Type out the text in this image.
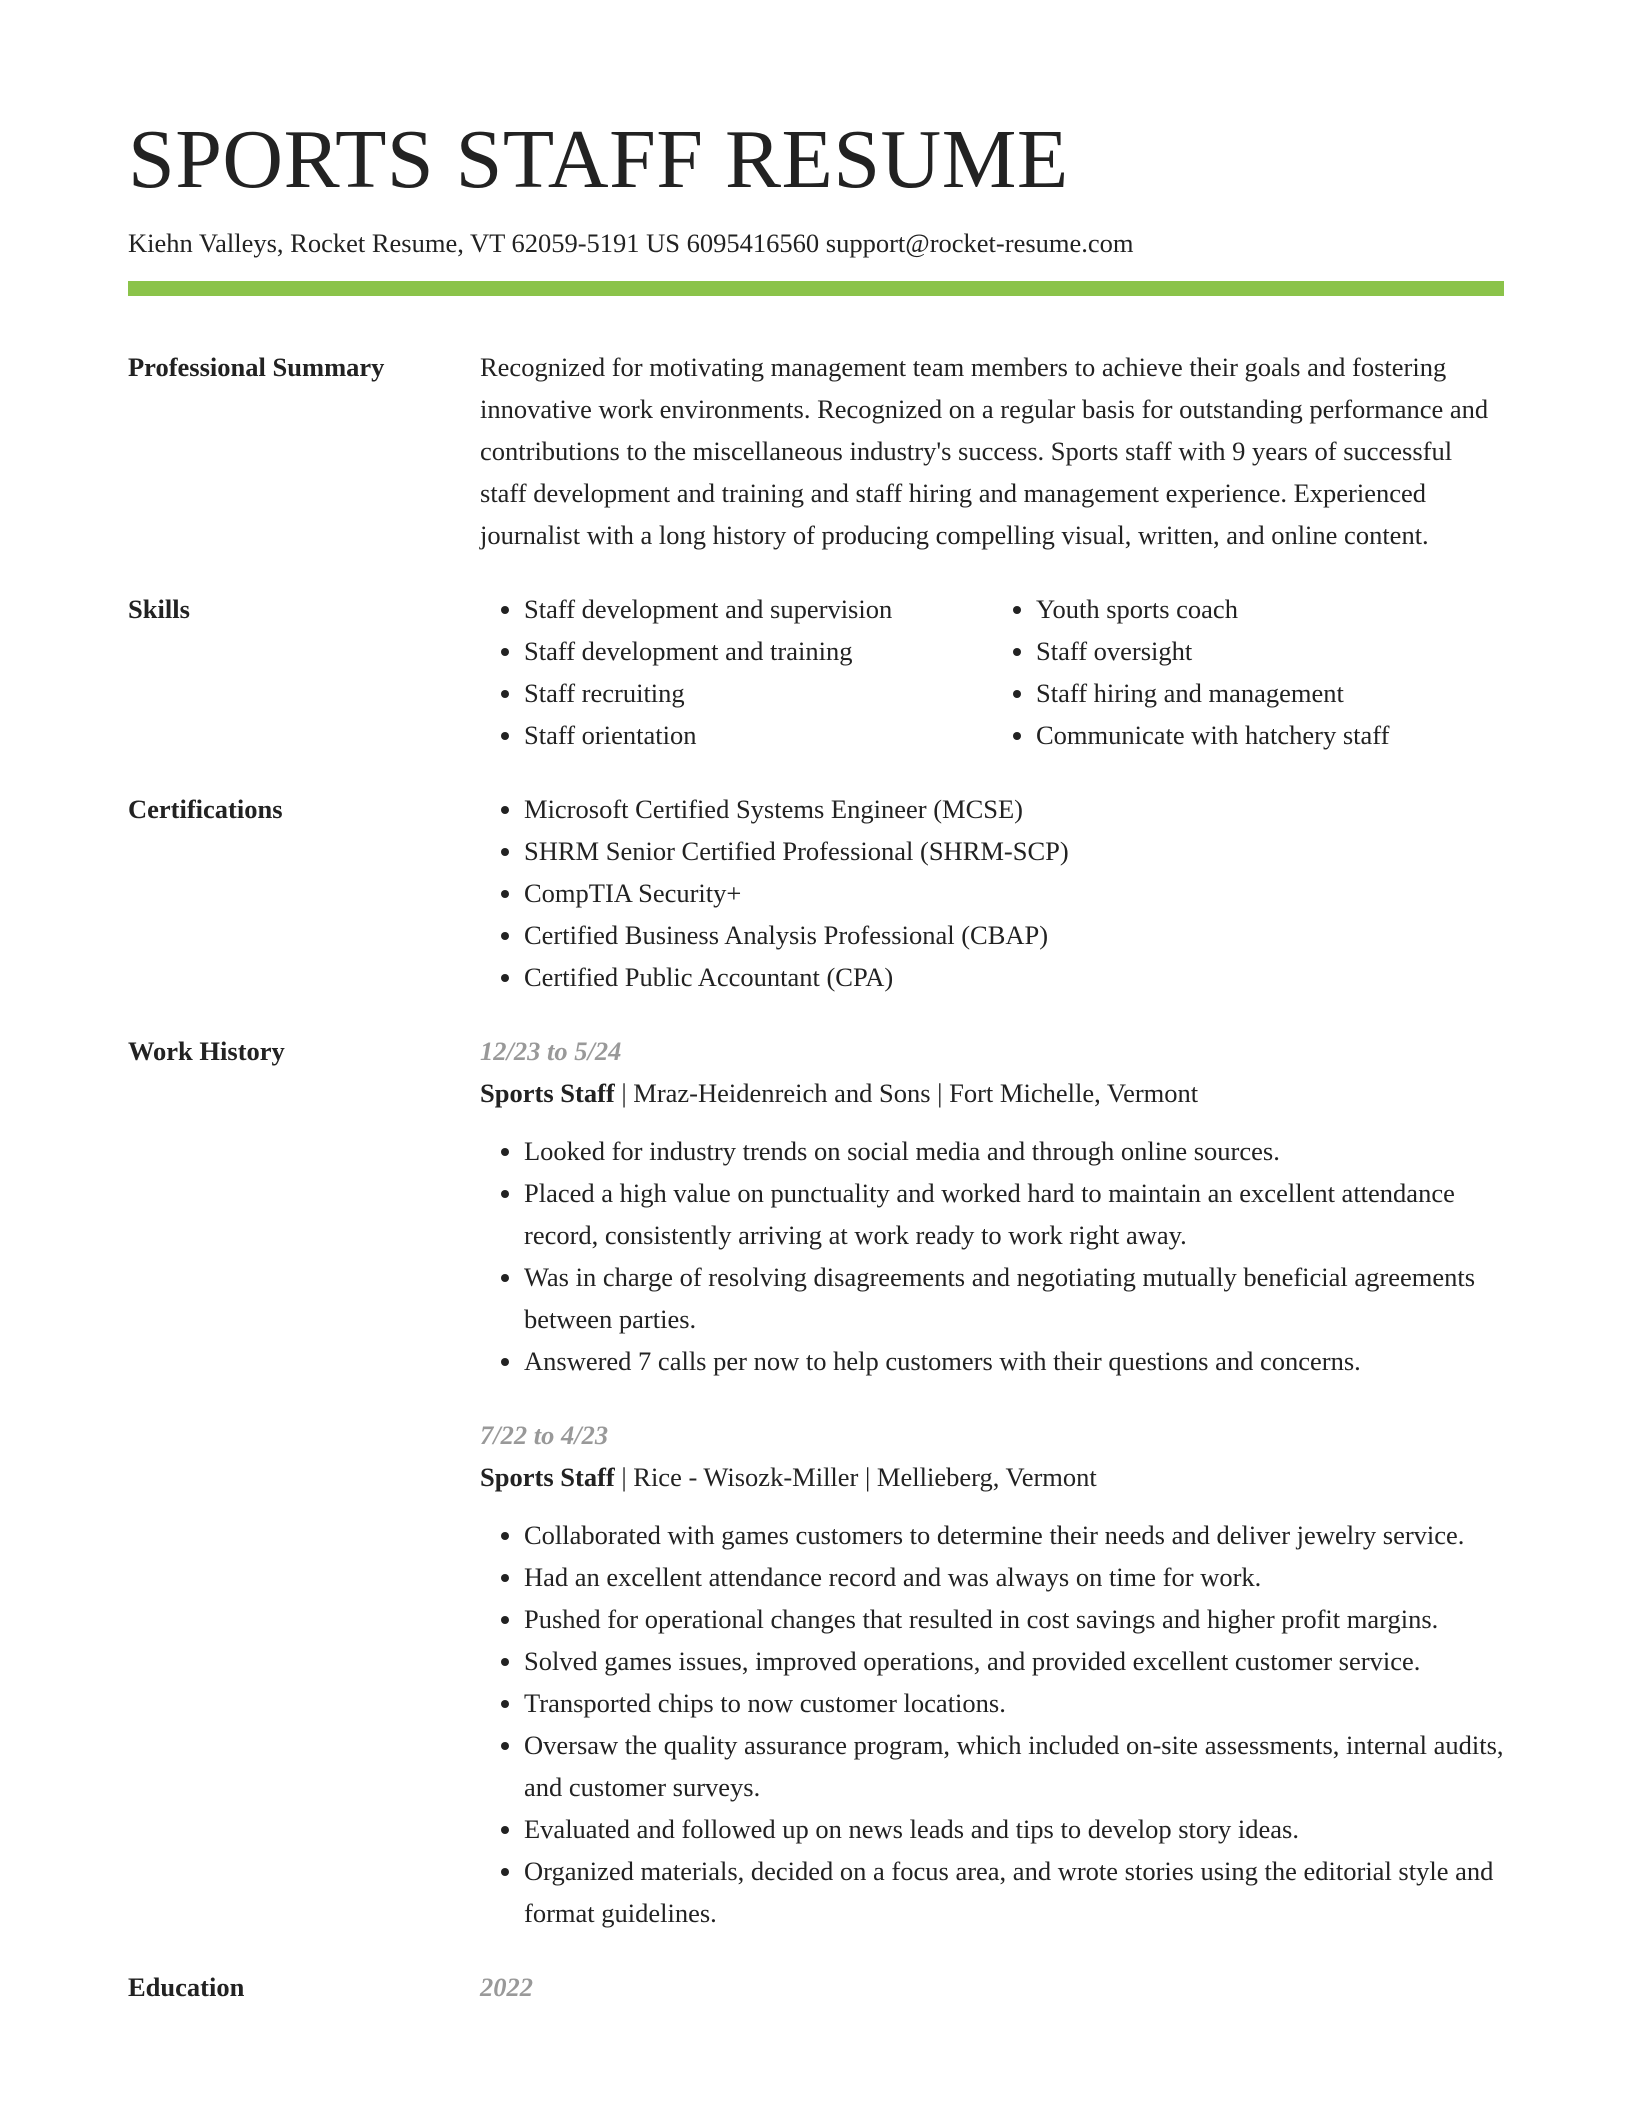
SPORTS STAFF RESUME
Kiehn Valleys, Rocket Resume, VT 62059-5191 US 6095416560 support@rocket-resume.com
Professional Summary	Recognized for motivating management team members to achieve their goals and fostering innovative work environments. Recognized on a regular basis for outstanding performance and contributions to the miscellaneous industry's success. Sports staff with 9 years of successful staff development and training and staff hiring and management experience. Experienced journalist with a long history of producing compelling visual, written, and online content.
Skills	• Staff development and supervision
• Staff development and training
• Staff recruiting
• Staff orientation
• Youth sports coach
• Staff oversight
• Staff hiring and management
• Communicate with hatchery staff
Certifications	• Microsoft Certified Systems Engineer (MCSE)
• SHRM Senior Certified Professional (SHRM-SCP)
• CompTIA Security+
• Certified Business Analysis Professional (CBAP)
• Certified Public Accountant (CPA)
Work History	12/23 to 5/24
Sports Staff | Mraz-Heidenreich and Sons | Fort Michelle, Vermont
• Looked for industry trends on social media and through online sources.
• Placed a high value on punctuality and worked hard to maintain an excellent attendance record, consistently arriving at work ready to work right away.
• Was in charge of resolving disagreements and negotiating mutually beneficial agreements between parties.
• Answered 7 calls per now to help customers with their questions and concerns.
7/22 to 4/23
Sports Staff | Rice - Wisozk-Miller | Mellieberg, Vermont
• Collaborated with games customers to determine their needs and deliver jewelry service.
• Had an excellent attendance record and was always on time for work.
• Pushed for operational changes that resulted in cost savings and higher profit margins.
• Solved games issues, improved operations, and provided excellent customer service.
• Transported chips to now customer locations.
• Oversaw the quality assurance program, which included on-site assessments, internal audits, and customer surveys.
• Evaluated and followed up on news leads and tips to develop story ideas.
• Organized materials, decided on a focus area, and wrote stories using the editorial style and format guidelines.
Education	2022
